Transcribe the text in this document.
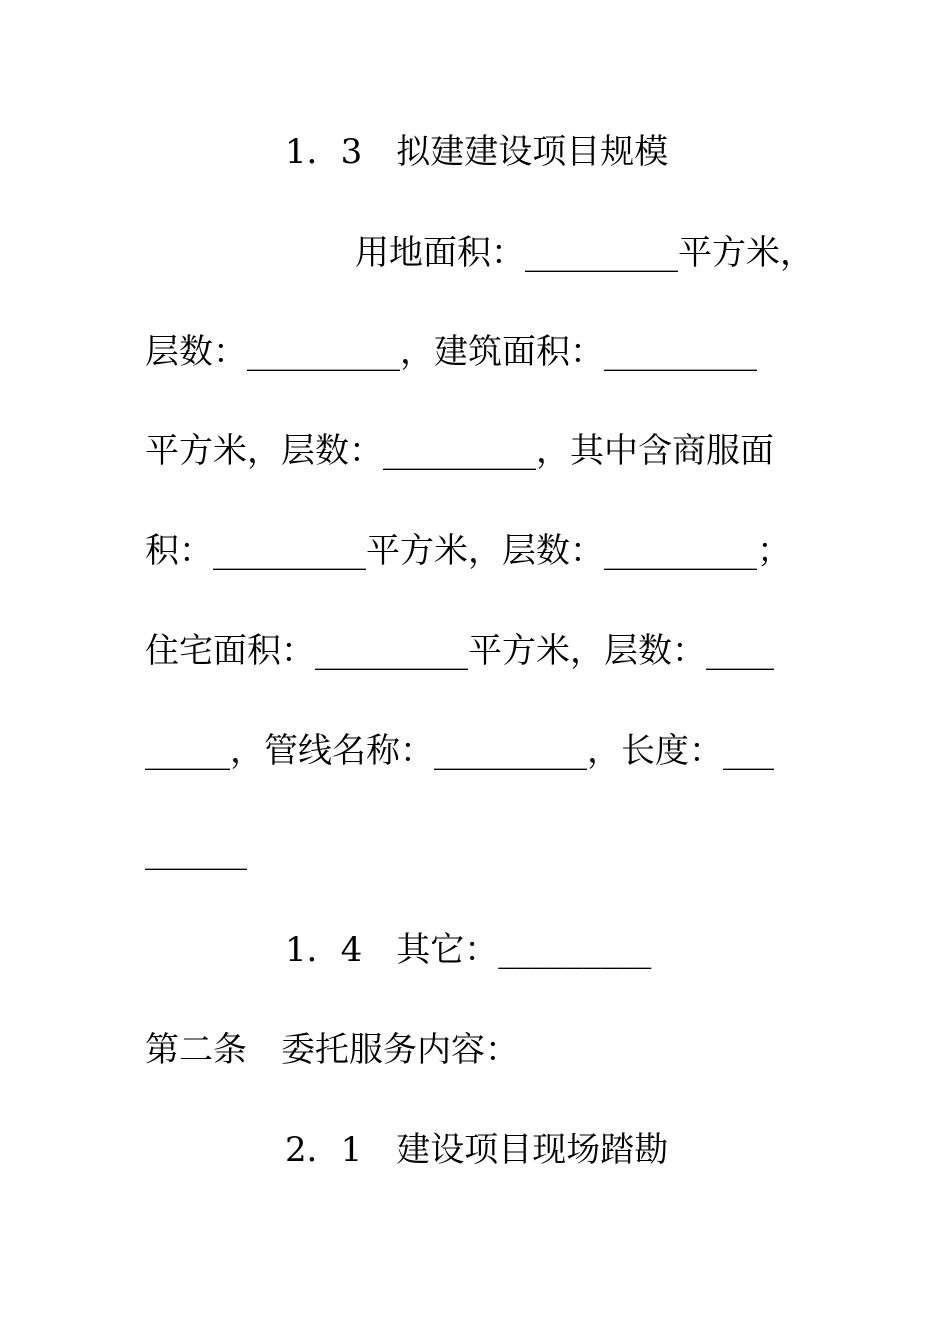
1．3　拟建建设项目规模
用地面积：_________平方米，
层数：_________，建筑面积：_________
平方米，层数：_________，其中含商服面
积：_________平方米，层数：_________；
住宅面积：_________平方米，层数：____
_____，管线名称：_________，长度：___
______
1．4　其它：_________
第二条　委托服务内容：
2．1　建设项目现场踏勘
